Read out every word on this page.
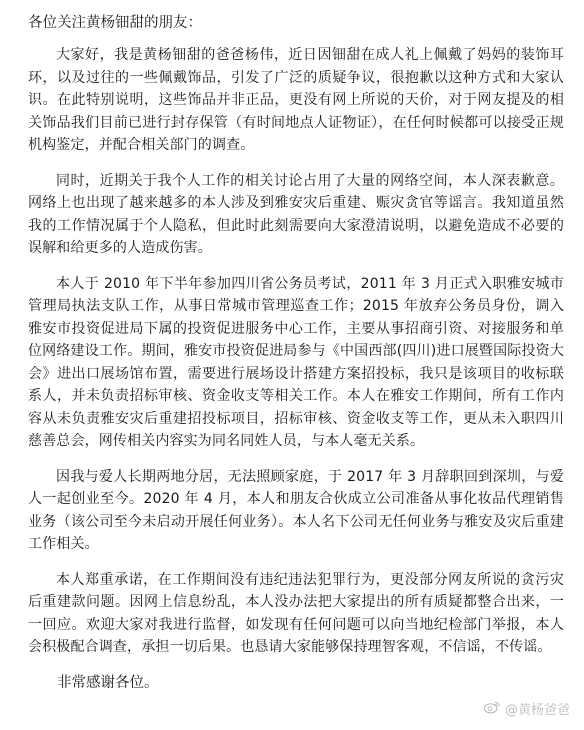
各位关注黄杨钿甜的朋友：

大家好，我是黄杨钿甜的爸爸杨伟，近日因钿甜在成人礼上佩戴了妈妈的装饰耳环，以及过往的一些佩戴饰品，引发了广泛的质疑争议，很抱歉以这种方式和大家认识。在此特别说明，这些饰品并非正品，更没有网上所说的天价，对于网友提及的相关饰品我们目前已进行封存保管（有时间地点人证物证），在任何时候都可以接受正规机构鉴定，并配合相关部门的调查。

同时，近期关于我个人工作的相关讨论占用了大量的网络空间，本人深表歉意。网络上也出现了越来越多的本人涉及到雅安灾后重建、赈灾贪官等谣言。我知道虽然我的工作情况属于个人隐私，但此时此刻需要向大家澄清说明，以避免造成不必要的误解和给更多的人造成伤害。

本人于 2010 年下半年参加四川省公务员考试，2011 年 3 月正式入职雅安城市管理局执法支队工作，从事日常城市管理巡查工作；2015 年放弃公务员身份，调入雅安市投资促进局下属的投资促进服务中心工作，主要从事招商引资、对接服务和单位网络建设工作。期间，雅安市投资促进局参与《中国西部(四川)进口展暨国际投资大会》进出口展场馆布置，需要进行展场设计搭建方案招投标，我只是该项目的收标联系人，并未负责招标审核、资金收支等相关工作。本人在雅安工作期间，所有工作内容从未负责雅安灾后重建招投标项目，招标审核、资金收支等工作，更从未入职四川慈善总会，网传相关内容实为同名同姓人员，与本人毫无关系。

因我与爱人长期两地分居，无法照顾家庭，于 2017 年 3 月辞职回到深圳，与爱人一起创业至今。2020 年 4 月，本人和朋友合伙成立公司准备从事化妆品代理销售业务（该公司至今未启动开展任何业务）。本人名下公司无任何业务与雅安及灾后重建工作相关。

本人郑重承诺，在工作期间没有违纪违法犯罪行为，更没部分网友所说的贪污灾后重建款问题。因网上信息纷乱，本人没办法把大家提出的所有质疑都整合出来，一一回应。欢迎大家对我进行监督，如发现有任何问题可以向当地纪检部门举报，本人会积极配合调查，承担一切后果。也恳请大家能够保持理智客观，不信谣，不传谣。

非常感谢各位。
@黄杨爸爸
